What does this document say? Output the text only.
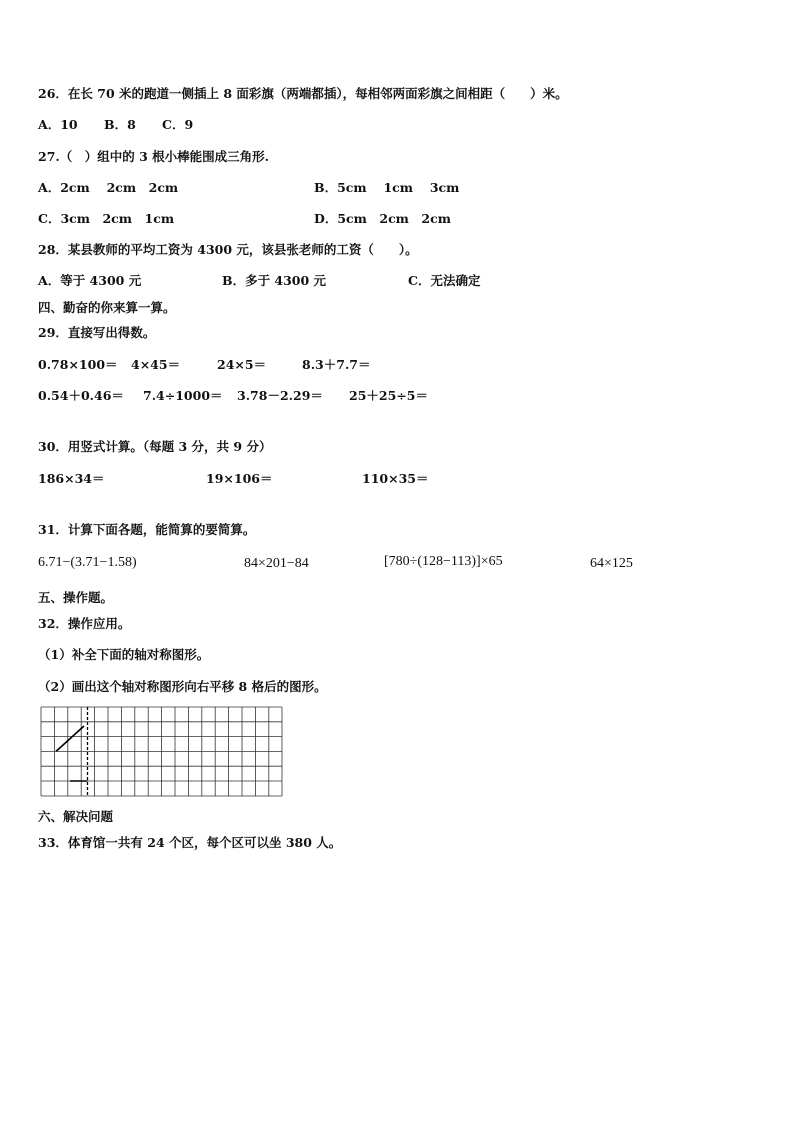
26．在长 70 米的跑道一侧插上 8 面彩旗（两端都插），每相邻两面彩旗之间相距（　　）米。
A．10 B．8 C．9
27.（　）组中的 3 根小棒能围成三角形.
A．2cm　 2cm　2cm	B．5cm　 1cm　 3cm
C．3cm　2cm　1cm	D．5cm　2cm　2cm
28．某县教师的平均工资为 4300 元，该县张老师的工资（　　）。
A．等于 4300 元	B．多于 4300 元	C．无法确定
四、勤奋的你来算一算。
29．直接写出得数。
0.78×100＝ 4×45＝	24×5＝	8.3＋7.7＝
0.54＋0.46＝ 7.4÷1000＝ 3.78－2.29＝ 25＋25÷5＝
30．用竖式计算。（每题 3 分，共 9 分）
186×34＝	19×106＝	110×35＝
31．计算下面各题，能简算的要简算。
6.71−(3.71−1.58)	84×201−84	[780÷(128−113)]×65	64×125
五、操作题。
32．操作应用。
（1）补全下面的轴对称图形。
（2）画出这个轴对称图形向右平移 8 格后的图形。
六、解决问题
33．体育馆一共有 24 个区，每个区可以坐 380 人。
